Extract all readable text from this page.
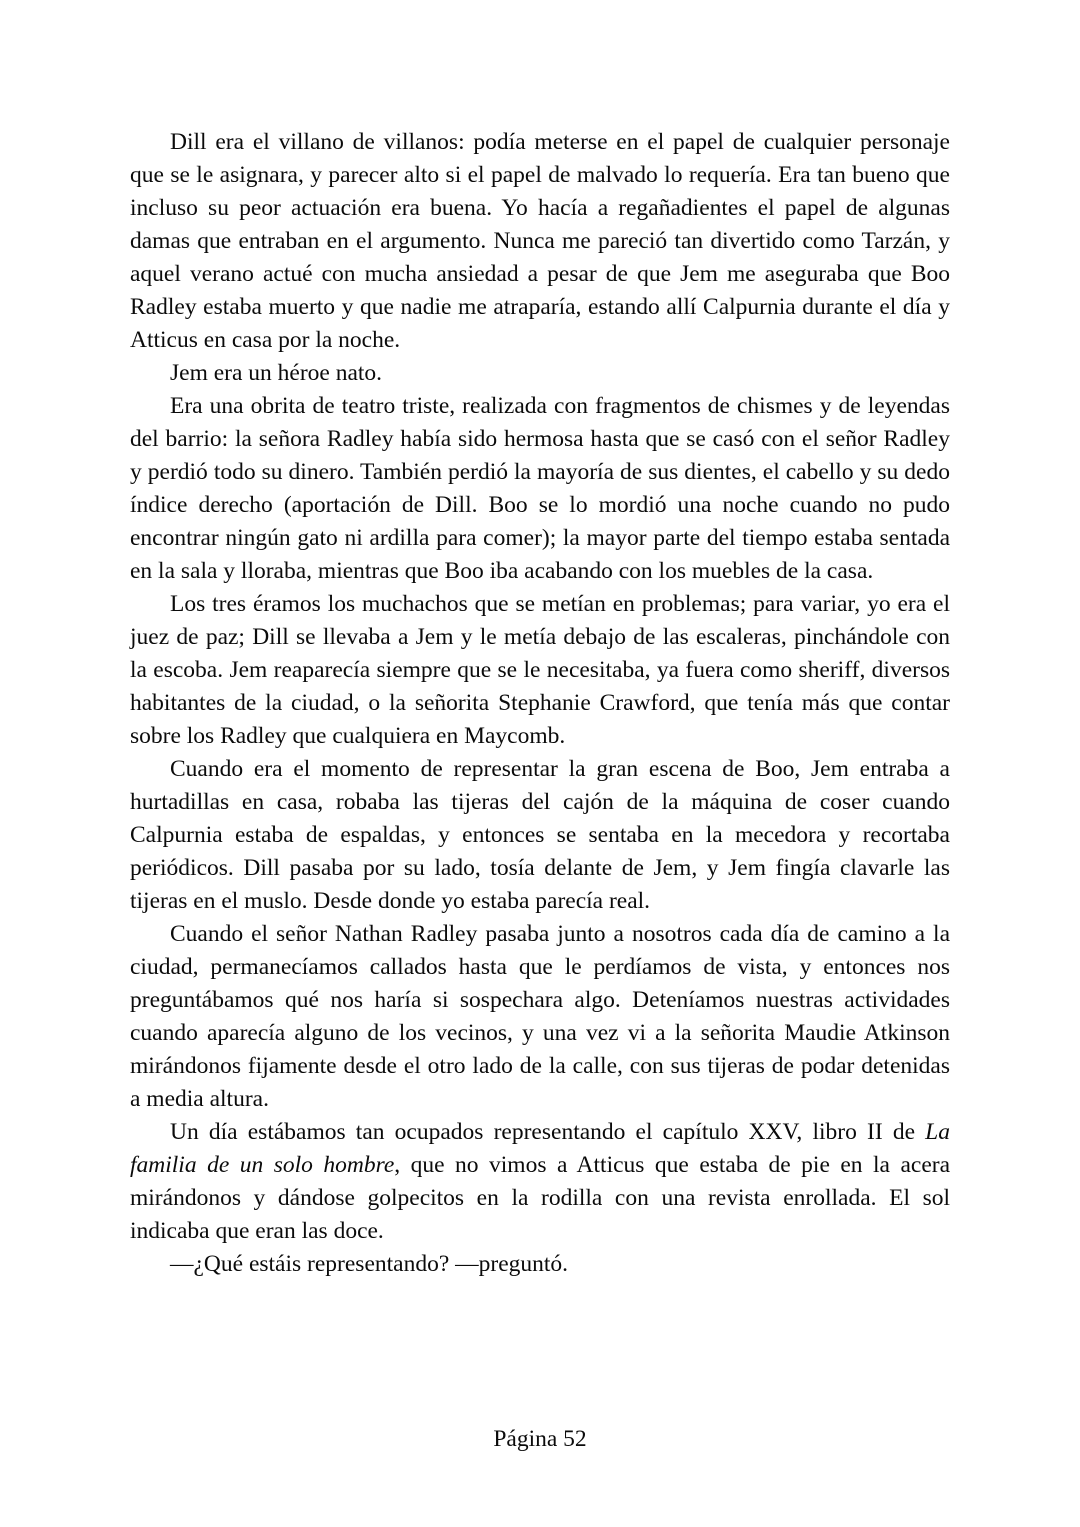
Dill era el villano de villanos: podía meterse en el papel de cualquier personaje que se le asignara, y parecer alto si el papel de malvado lo requería. Era tan bueno que incluso su peor actuación era buena. Yo hacía a regañadientes el papel de algunas damas que entraban en el argumento. Nunca me pareció tan divertido como Tarzán, y aquel verano actué con mucha ansiedad a pesar de que Jem me aseguraba que Boo Radley estaba muerto y que nadie me atraparía, estando allí Calpurnia durante el día y Atticus en casa por la noche.

Jem era un héroe nato.

Era una obrita de teatro triste, realizada con fragmentos de chismes y de leyendas del barrio: la señora Radley había sido hermosa hasta que se casó con el señor Radley y perdió todo su dinero. También perdió la mayoría de sus dientes, el cabello y su dedo índice derecho (aportación de Dill. Boo se lo mordió una noche cuando no pudo encontrar ningún gato ni ardilla para comer); la mayor parte del tiempo estaba sentada en la sala y lloraba, mientras que Boo iba acabando con los muebles de la casa.

Los tres éramos los muchachos que se metían en problemas; para variar, yo era el juez de paz; Dill se llevaba a Jem y le metía debajo de las escaleras, pinchándole con la escoba. Jem reaparecía siempre que se le necesitaba, ya fuera como sheriff, diversos habitantes de la ciudad, o la señorita Stephanie Crawford, que tenía más que contar sobre los Radley que cualquiera en Maycomb.

Cuando era el momento de representar la gran escena de Boo, Jem entraba a hurtadillas en casa, robaba las tijeras del cajón de la máquina de coser cuando Calpurnia estaba de espaldas, y entonces se sentaba en la mecedora y recortaba periódicos. Dill pasaba por su lado, tosía delante de Jem, y Jem fingía clavarle las tijeras en el muslo. Desde donde yo estaba parecía real.

Cuando el señor Nathan Radley pasaba junto a nosotros cada día de camino a la ciudad, permanecíamos callados hasta que le perdíamos de vista, y entonces nos preguntábamos qué nos haría si sospechara algo. Deteníamos nuestras actividades cuando aparecía alguno de los vecinos, y una vez vi a la señorita Maudie Atkinson mirándonos fijamente desde el otro lado de la calle, con sus tijeras de podar detenidas a media altura.

Un día estábamos tan ocupados representando el capítulo XXV, libro II de La familia de un solo hombre, que no vimos a Atticus que estaba de pie en la acera mirándonos y dándose golpecitos en la rodilla con una revista enrollada. El sol indicaba que eran las doce.

—¿Qué estáis representando? —preguntó.

Página 52
